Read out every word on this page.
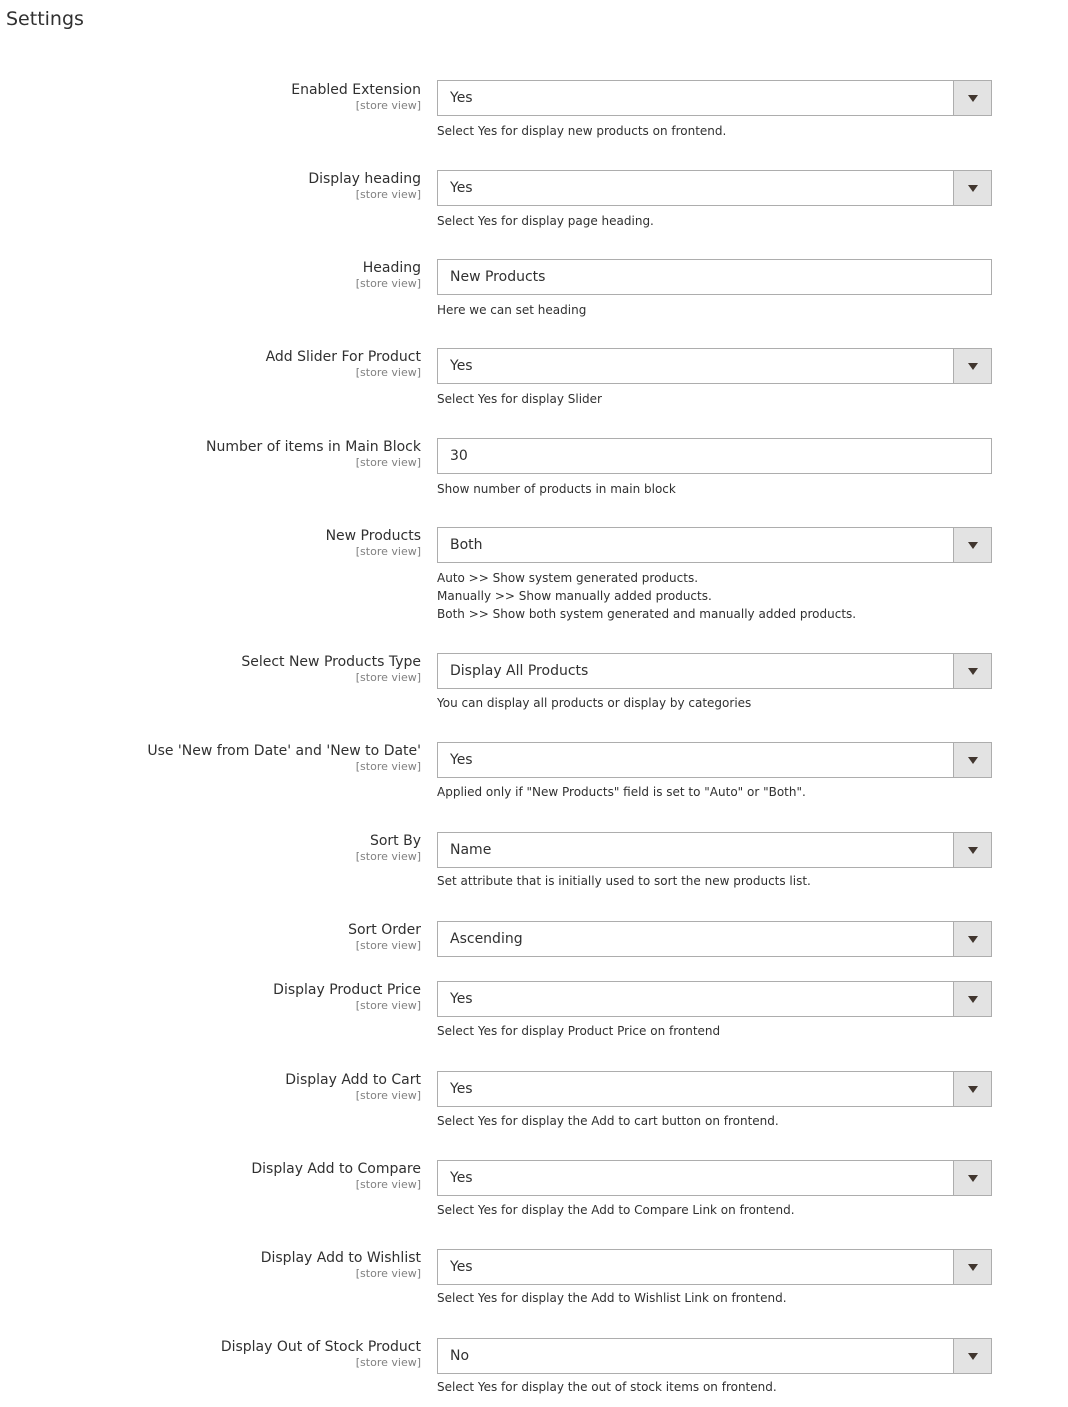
Settings
Enabled Extension
[store view] Yes
Select Yes for display new products on frontend.
Display heading
[store view] Yes
Select Yes for display page heading.
Heading
[store view] New Products
Here we can set heading
Add Slider For Product
[store view] Yes
Select Yes for display Slider
Number of items in Main Block
[store view] 30
Show number of products in main block
New Products
[store view] Both
Auto >> Show system generated products.
Manually >> Show manually added products.
Both >> Show both system generated and manually added products.
Select New Products Type
[store view] Display All Products
You can display all products or display by categories
Use 'New from Date' and 'New to Date'
[store view] Yes
Applied only if "New Products" field is set to "Auto" or "Both".
Sort By
[store view] Name
Set attribute that is initially used to sort the new products list.
Sort Order
[store view] Ascending
Display Product Price
[store view] Yes
Select Yes for display Product Price on frontend
Display Add to Cart
[store view] Yes
Select Yes for display the Add to cart button on frontend.
Display Add to Compare
[store view] Yes
Select Yes for display the Add to Compare Link on frontend.
Display Add to Wishlist
[store view] Yes
Select Yes for display the Add to Wishlist Link on frontend.
Display Out of Stock Product
[store view] No
Select Yes for display the out of stock items on frontend.
